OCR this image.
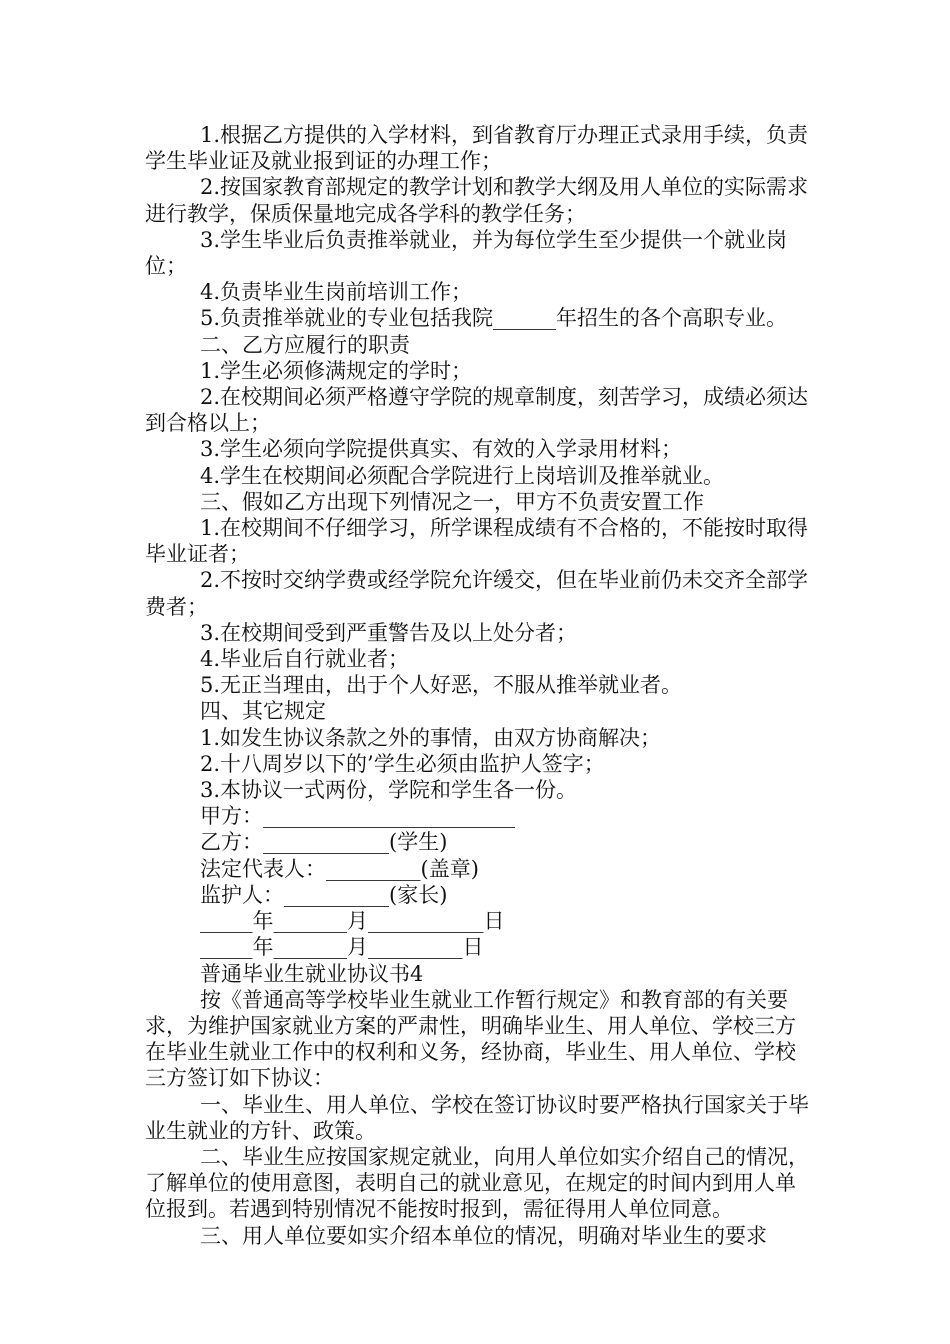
1.根据乙方提供的入学材料，到省教育厅办理正式录用手续，负责学生毕业证及就业报到证的办理工作；

2.按国家教育部规定的教学计划和教学大纲及用人单位的实际需求进行教学，保质保量地完成各学科的教学任务；

3.学生毕业后负责推举就业，并为每位学生至少提供一个就业岗位；

4.负责毕业生岗前培训工作；

5.负责推举就业的专业包括我院______年招生的各个高职专业。

二、乙方应履行的职责

1.学生必须修满规定的学时；

2.在校期间必须严格遵守学院的规章制度，刻苦学习，成绩必须达到合格以上；

3.学生必须向学院提供真实、有效的入学录用材料；

4.学生在校期间必须配合学院进行上岗培训及推举就业。

三、假如乙方出现下列情况之一，甲方不负责安置工作

1.在校期间不仔细学习，所学课程成绩有不合格的，不能按时取得毕业证者；

2.不按时交纳学费或经学院允许缓交，但在毕业前仍未交齐全部学费者；

3.在校期间受到严重警告及以上处分者；

4.毕业后自行就业者；

5.无正当理由，出于个人好恶，不服从推举就业者。

四、其它规定

1.如发生协议条款之外的事情，由双方协商解决；

2.十八周岁以下的’学生必须由监护人签字；

3.本协议一式两份，学院和学生各一份。

甲方：________________________

乙方：____________(学生)

法定代表人：_________(盖章)

监护人：__________(家长)

_____年_______月___________日

_____年_______月_________日

普通毕业生就业协议书4

按《普通高等学校毕业生就业工作暂行规定》和教育部的有关要求，为维护国家就业方案的严肃性，明确毕业生、用人单位、学校三方在毕业生就业工作中的权利和义务，经协商，毕业生、用人单位、学校三方签订如下协议：

一、毕业生、用人单位、学校在签订协议时要严格执行国家关于毕业生就业的方针、政策。

二、毕业生应按国家规定就业，向用人单位如实介绍自己的情况，了解单位的使用意图，表明自己的就业意见，在规定的时间内到用人单位报到。若遇到特别情况不能按时报到，需征得用人单位同意。

三、用人单位要如实介绍本单位的情况，明确对毕业生的要求
